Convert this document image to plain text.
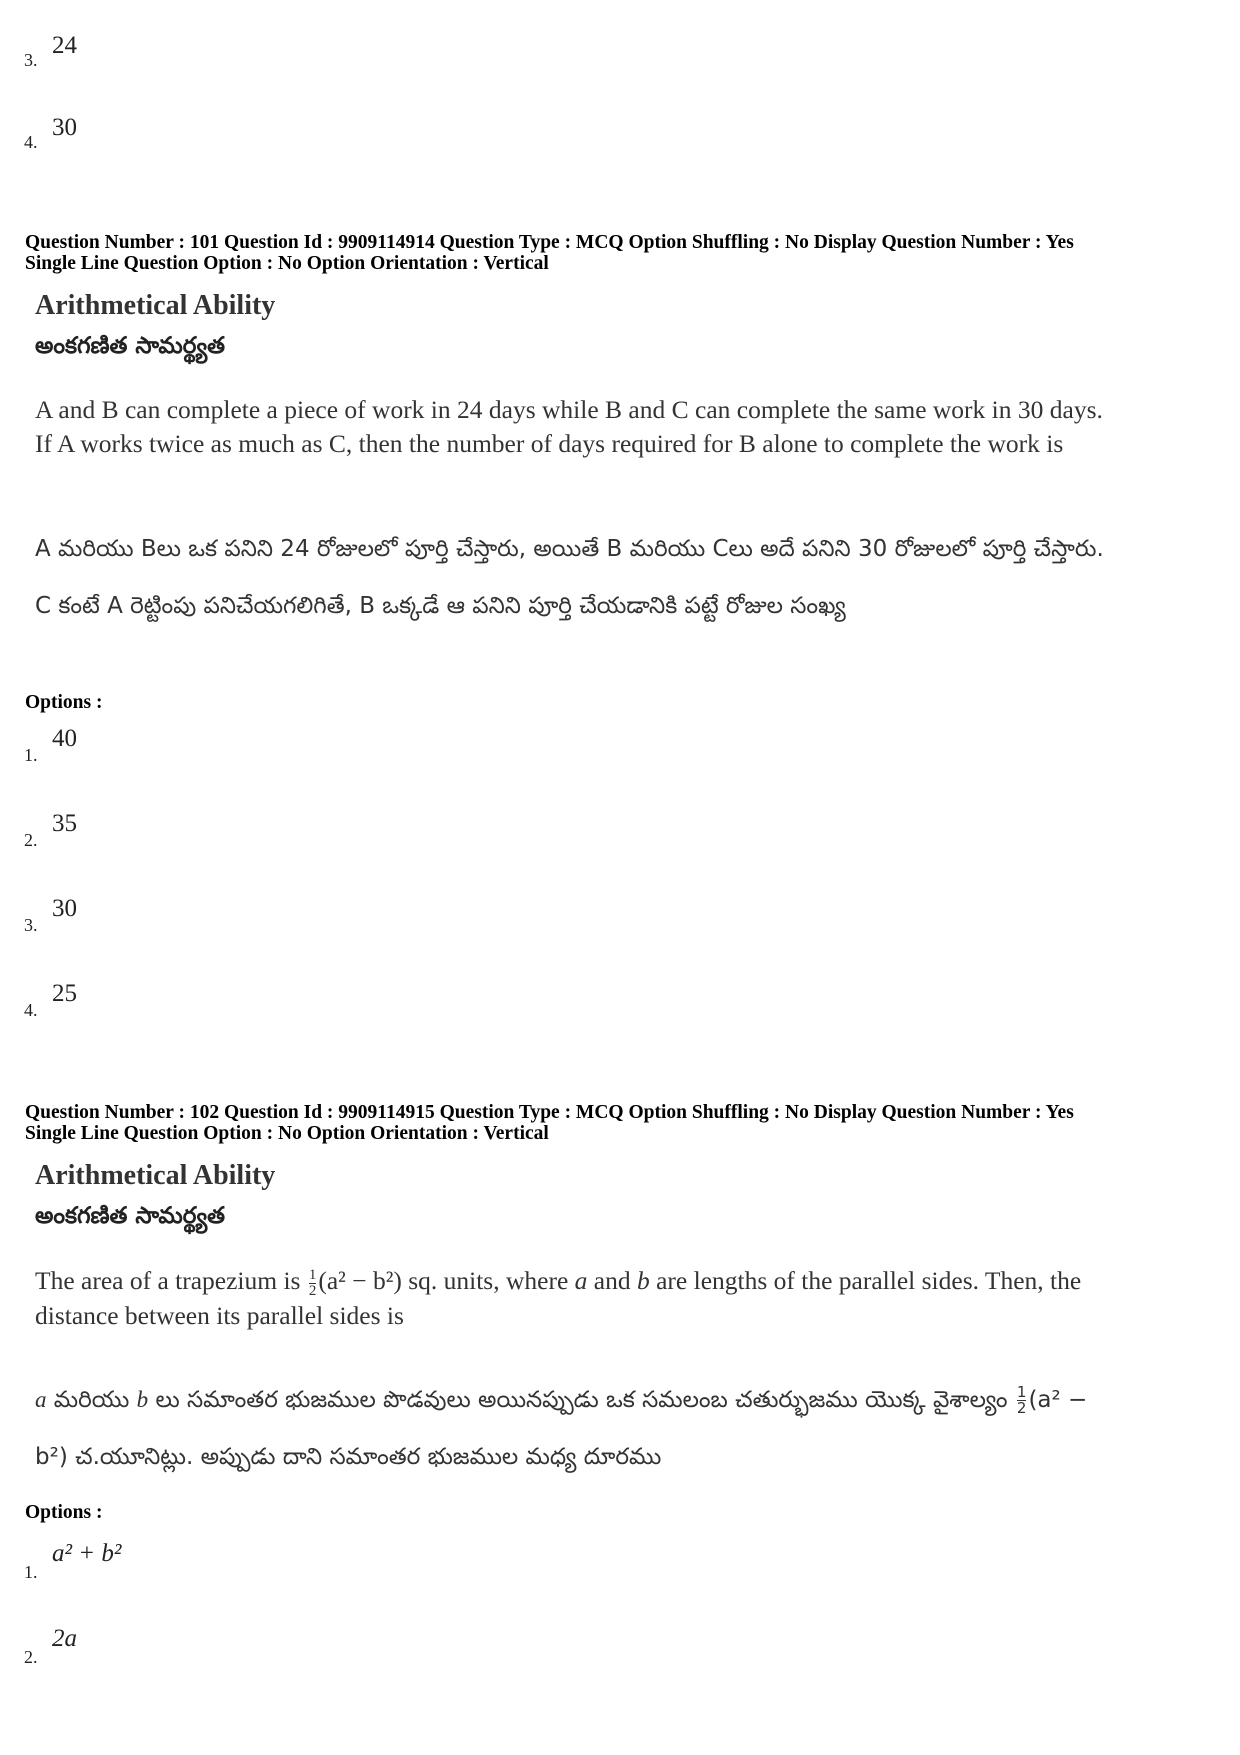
3.
24
4.
30
Question Number : 101 Question Id : 9909114914 Question Type : MCQ Option Shuffling : No Display Question Number : Yes
Single Line Question Option : No Option Orientation : Vertical
Arithmetical Ability
అంకగణిత సామర్థ్యత
A and B can complete a piece of work in 24 days while B and C can complete the same work in 30 days. If A works twice as much as C, then the number of days required for B alone to complete the work is
A మరియు Bలు ఒక పనిని 24 రోజులలో పూర్తి చేస్తారు, అయితే B మరియు Cలు అదే పనిని 30 రోజులలో పూర్తి చేస్తారు. C కంటే A రెట్టింపు పనిచేయగలిగితే, B ఒక్కడే ఆ పనిని పూర్తి చేయడానికి పట్టే రోజుల సంఖ్య
Options :
1.
40
2.
35
3.
30
4.
25
Question Number : 102 Question Id : 9909114915 Question Type : MCQ Option Shuffling : No Display Question Number : Yes
Single Line Question Option : No Option Orientation : Vertical
Arithmetical Ability
అంకగణిత సామర్థ్యత
The area of a trapezium is $\frac{1}{2} (a^2 - b^2)$ sq. units, where a and b are lengths of the parallel sides. Then, the distance between its parallel sides is
a మరియు b లు సమాంతర భుజముల పొడవులు అయినప్పుడు ఒక సమలంబ చతుర్భుజము యొక్క వైశాల్యం $\frac{1}{2} (a^2 - b^2)$ చ.యూనిట్లు. అప్పుడు దాని సమాంతర భుజముల మధ్య దూరము
Options :
1.
a² + b²
2.
2a
